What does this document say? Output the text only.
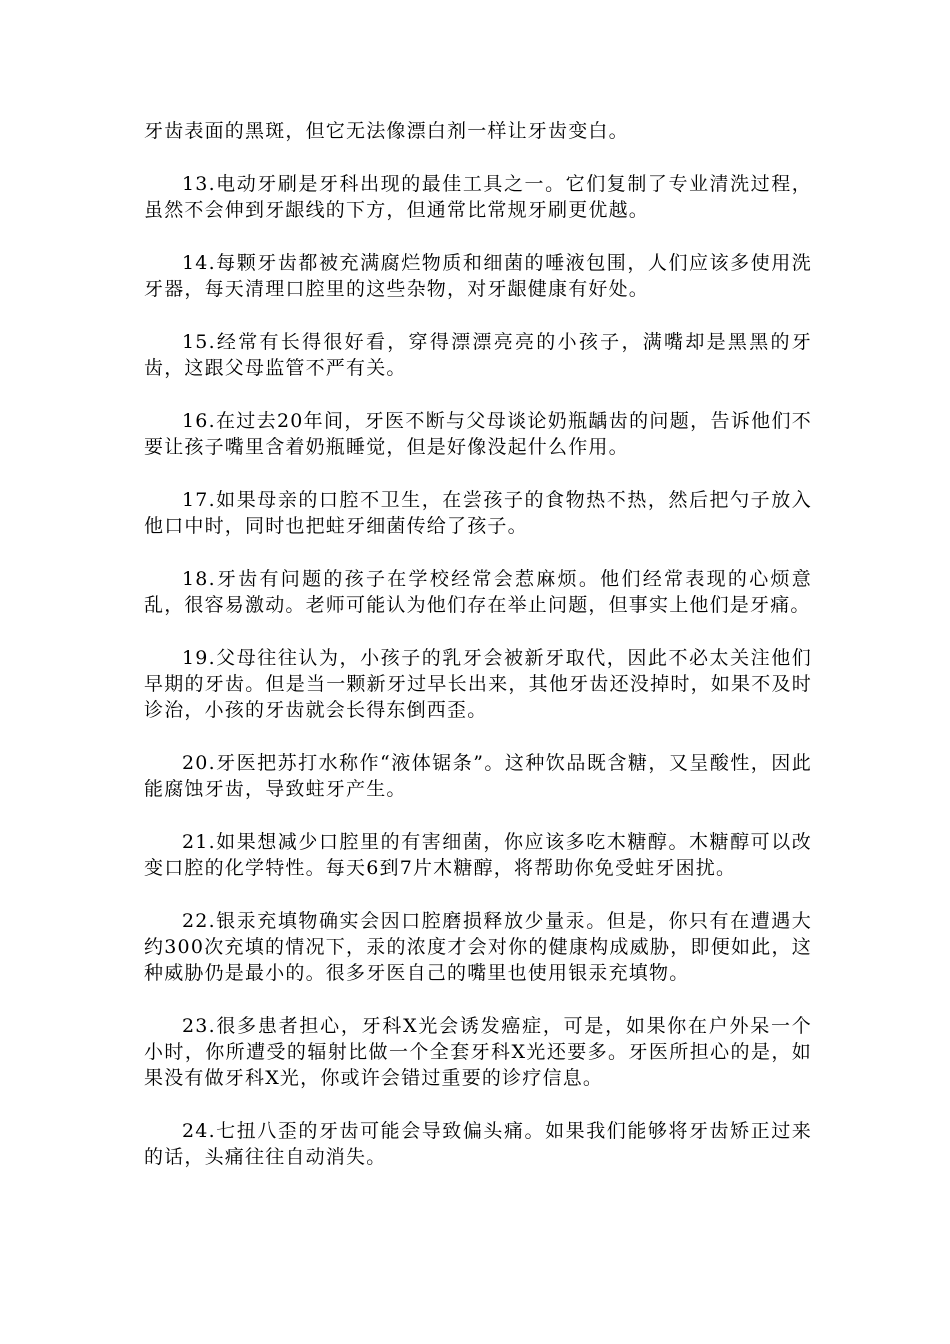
牙齿表面的黑斑，但它无法像漂白剂一样让牙齿变白。

13.电动牙刷是牙科出现的最佳工具之一。它们复制了专业清洗过程，虽然不会伸到牙龈线的下方，但通常比常规牙刷更优越。

14.每颗牙齿都被充满腐烂物质和细菌的唾液包围，人们应该多使用洗牙器，每天清理口腔里的这些杂物，对牙龈健康有好处。

15.经常有长得很好看，穿得漂漂亮亮的小孩子，满嘴却是黑黑的牙齿，这跟父母监管不严有关。

16.在过去20年间，牙医不断与父母谈论奶瓶龋齿的问题，告诉他们不要让孩子嘴里含着奶瓶睡觉，但是好像没起什么作用。

17.如果母亲的口腔不卫生，在尝孩子的食物热不热，然后把勺子放入他口中时，同时也把蛀牙细菌传给了孩子。

18.牙齿有问题的孩子在学校经常会惹麻烦。他们经常表现的心烦意乱，很容易激动。老师可能认为他们存在举止问题，但事实上他们是牙痛。

19.父母往往认为，小孩子的乳牙会被新牙取代，因此不必太关注他们早期的牙齿。但是当一颗新牙过早长出来，其他牙齿还没掉时，如果不及时诊治，小孩的牙齿就会长得东倒西歪。

20.牙医把苏打水称作“液体锯条”。这种饮品既含糖，又呈酸性，因此能腐蚀牙齿，导致蛀牙产生。

21.如果想减少口腔里的有害细菌，你应该多吃木糖醇。木糖醇可以改变口腔的化学特性。每天6到7片木糖醇，将帮助你免受蛀牙困扰。

22.银汞充填物确实会因口腔磨损释放少量汞。但是，你只有在遭遇大约300次充填的情况下，汞的浓度才会对你的健康构成威胁，即便如此，这种威胁仍是最小的。很多牙医自己的嘴里也使用银汞充填物。

23.很多患者担心，牙科X光会诱发癌症，可是，如果你在户外呆一个小时，你所遭受的辐射比做一个全套牙科X光还要多。牙医所担心的是，如果没有做牙科X光，你或许会错过重要的诊疗信息。

24.七扭八歪的牙齿可能会导致偏头痛。如果我们能够将牙齿矫正过来的话，头痛往往自动消失。
